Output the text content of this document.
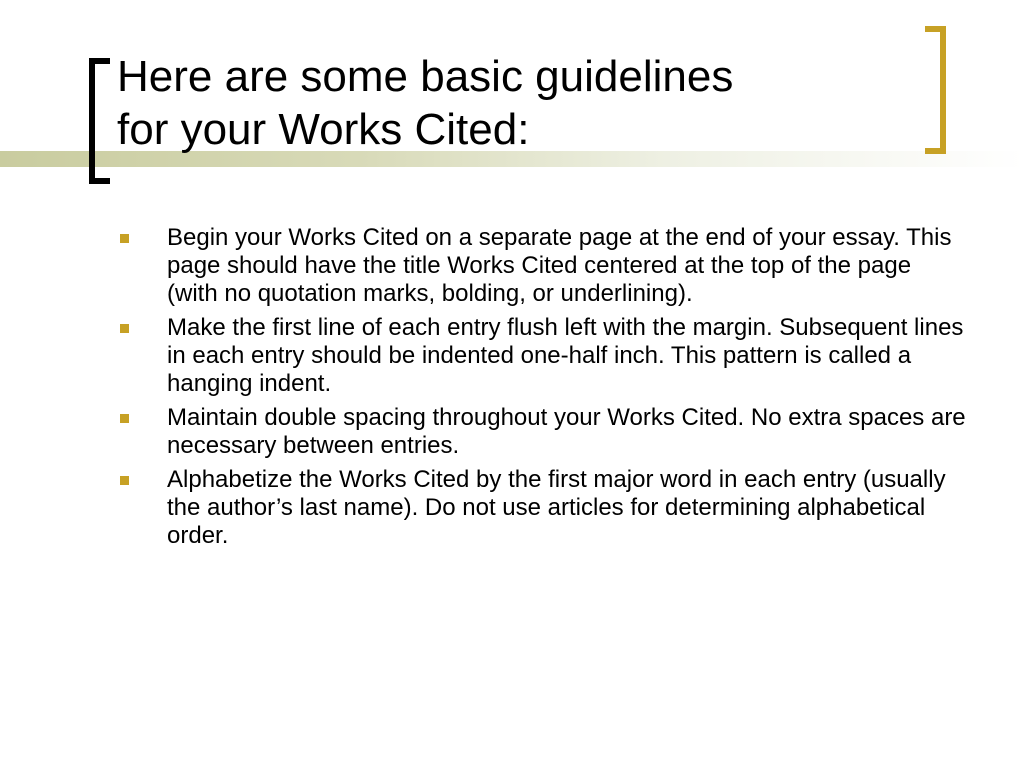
Here are some basic guidelines
for your Works Cited:
Begin your Works Cited on a separate page at the end of your essay. This page should have the title Works Cited centered at the top of the page (with no quotation marks, bolding, or underlining).
Make the first line of each entry flush left with the margin. Subsequent lines in each entry should be indented one-half inch. This pattern is called a hanging indent.
Maintain double spacing throughout your Works Cited. No extra spaces are necessary between entries.
Alphabetize the Works Cited by the first major word in each entry (usually the author’s last name). Do not use articles for determining alphabetical order.
